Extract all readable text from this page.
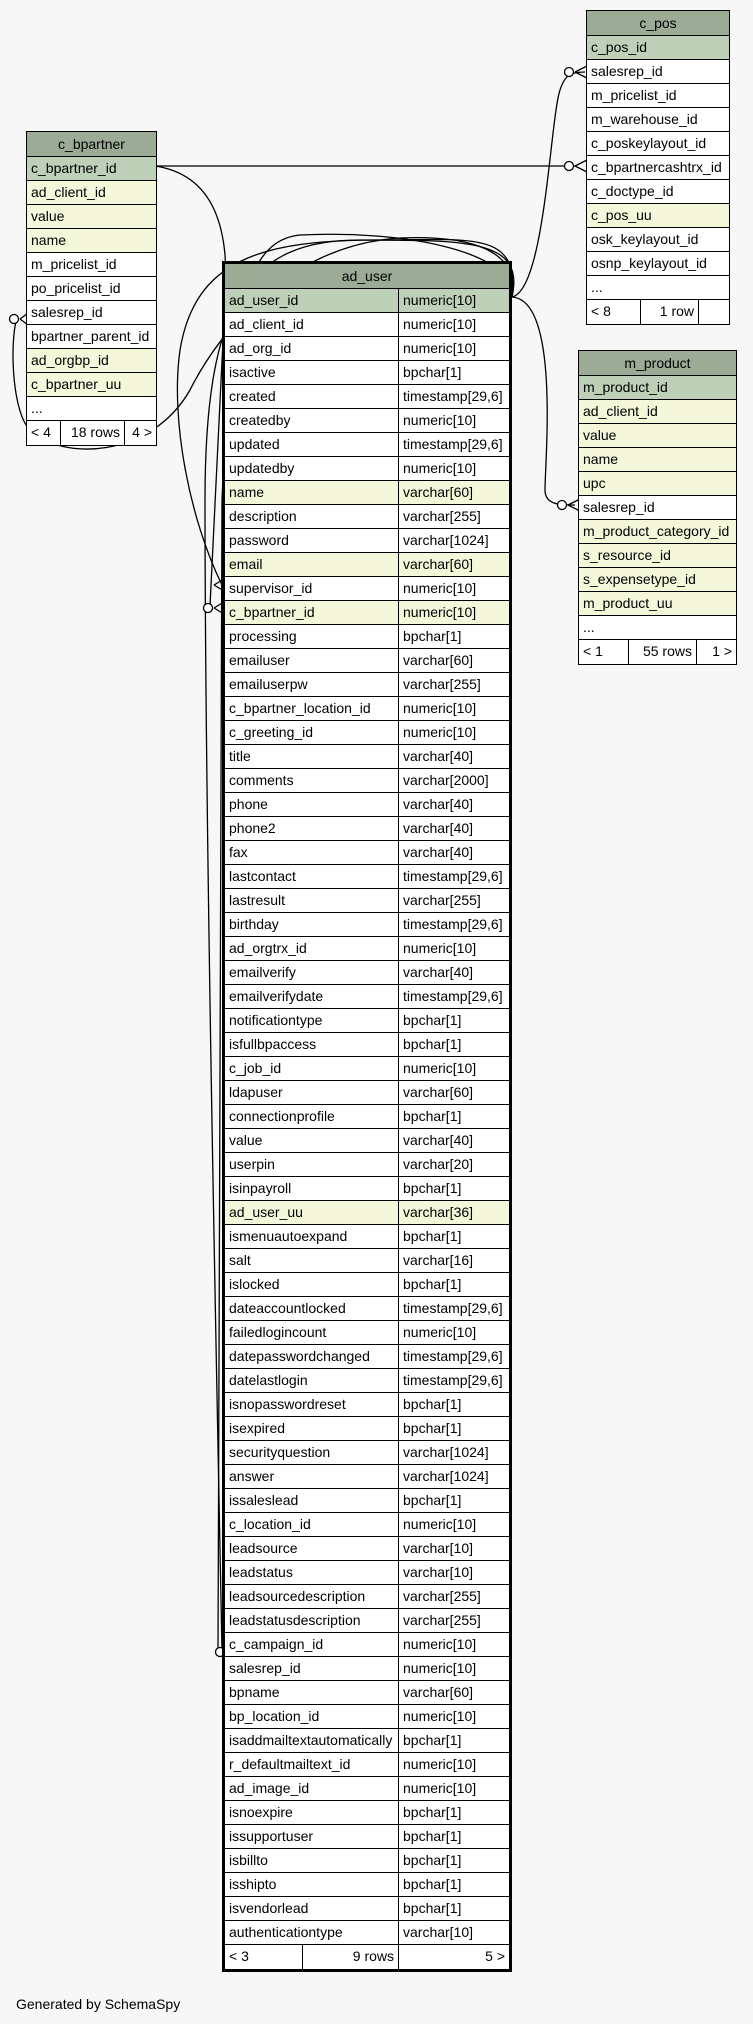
c_pos
c_pos_id
salesrep_id
m_pricelist_id
m_warehouse_id
c_poskeylayout_id
c_bpartnercashtrx_id
c_doctype_id
c_pos_uu
osk_keylayout_id
osnp_keylayout_id
...
< 8	1 row
c_bpartner
c_bpartner_id
ad_client_id
value
name
m_pricelist_id
po_pricelist_id
salesrep_id
bpartner_parent_id
ad_orgbp_id
c_bpartner_uu
...
< 4	18 rows 4 >
m_product
m_product_id
ad_client_id
value
name
upc
salesrep_id
m_product_category_id
s_resource_id
s_expensetype_id
m_product_uu
...
< 1	55 rows	1 >
ad_user
ad_user_id	numeric[10]
ad_client_id	numeric[10]
ad_org_id	numeric[10]
isactive	bpchar[1]
created	timestamp[29,6]
createdby	numeric[10]
updated	timestamp[29,6]
updatedby	numeric[10]
name	varchar[60]
description	varchar[255]
password	varchar[1024]
email	varchar[60]
supervisor_id	numeric[10]
c_bpartner_id	numeric[10]
processing	bpchar[1]
emailuser	varchar[60]
emailuserpw	varchar[255]
c_bpartner_location_id	numeric[10]
c_greeting_id	numeric[10]
title	varchar[40]
comments	varchar[2000]
phone	varchar[40]
phone2	varchar[40]
fax	varchar[40]
lastcontact	timestamp[29,6]
lastresult	varchar[255]
birthday	timestamp[29,6]
ad_orgtrx_id	numeric[10]
emailverify	varchar[40]
emailverifydate	timestamp[29,6]
notificationtype	bpchar[1]
isfullbpaccess	bpchar[1]
c_job_id	numeric[10]
ldapuser	varchar[60]
connectionprofile	bpchar[1]
value	varchar[40]
userpin	varchar[20]
isinpayroll	bpchar[1]
ad_user_uu	varchar[36]
ismenuautoexpand	bpchar[1]
salt	varchar[16]
islocked	bpchar[1]
dateaccountlocked	timestamp[29,6]
failedlogincount	numeric[10]
datepasswordchanged	timestamp[29,6]
datelastlogin	timestamp[29,6]
isnopasswordreset	bpchar[1]
isexpired	bpchar[1]
securityquestion	varchar[1024]
answer	varchar[1024]
issaleslead	bpchar[1]
c_location_id	numeric[10]
leadsource	varchar[10]
leadstatus	varchar[10]
leadsourcedescription	varchar[255]
leadstatusdescription	varchar[255]
c_campaign_id	numeric[10]
salesrep_id	numeric[10]
bpname	varchar[60]
bp_location_id	numeric[10]
isaddmailtextautomatically bpchar[1]
r_defaultmailtext_id	numeric[10]
ad_image_id	numeric[10]
isnoexpire	bpchar[1]
issupportuser	bpchar[1]
isbillto	bpchar[1]
isshipto	bpchar[1]
isvendorlead	bpchar[1]
authenticationtype	varchar[10]
< 3	9 rows	5 >
Generated by SchemaSpy
